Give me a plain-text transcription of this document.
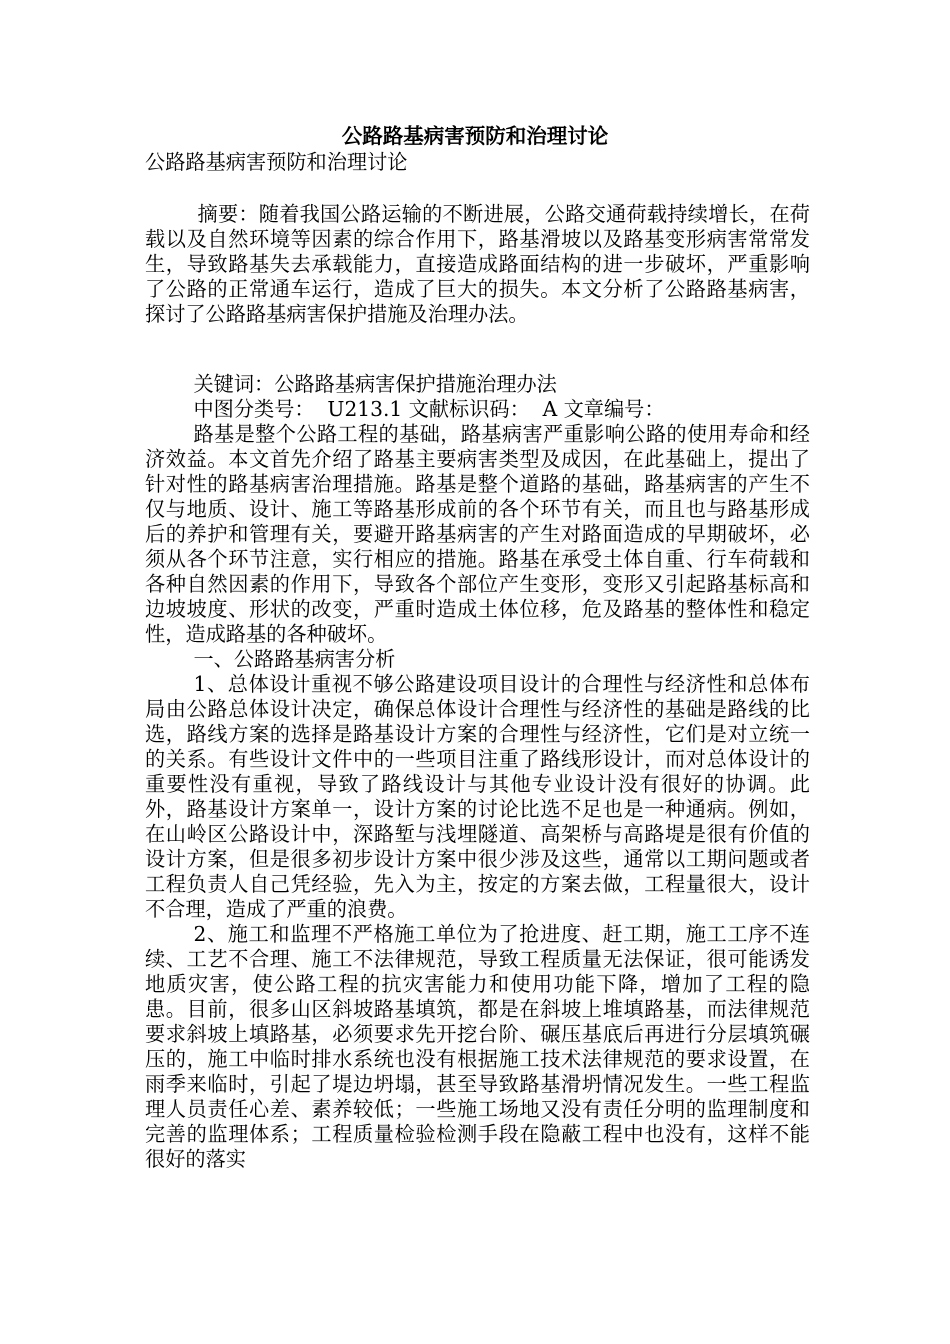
公路路基病害预防和治理讨论
公路路基病害预防和治理讨论

摘要：随着我国公路运输的不断进展，公路交通荷载持续增长，在荷载以及自然环境等因素的综合作用下，路基滑坡以及路基变形病害常常发生，导致路基失去承载能力，直接造成路面结构的进一步破坏，严重影响了公路的正常通车运行，造成了巨大的损失。本文分析了公路路基病害，探讨了公路路基病害保护措施及治理办法。

关键词：公路路基病害保护措施治理办法

中图分类号：  U213.1 文献标识码：  A 文章编号：

路基是整个公路工程的基础，路基病害严重影响公路的使用寿命和经济效益。本文首先介绍了路基主要病害类型及成因，在此基础上，提出了针对性的路基病害治理措施。路基是整个道路的基础，路基病害的产生不仅与地质、设计、施工等路基形成前的各个环节有关，而且也与路基形成后的养护和管理有关，要避开路基病害的产生对路面造成的早期破坏，必须从各个环节注意，实行相应的措施。路基在承受土体自重、行车荷载和各种自然因素的作用下，导致各个部位产生变形，变形又引起路基标高和边坡坡度、形状的改变，严重时造成土体位移，危及路基的整体性和稳定性，造成路基的各种破坏。

一、公路路基病害分析

1、总体设计重视不够公路建设项目设计的合理性与经济性和总体布局由公路总体设计决定，确保总体设计合理性与经济性的基础是路线的比选，路线方案的选择是路基设计方案的合理性与经济性，它们是对立统一的关系。有些设计文件中的一些项目注重了路线形设计，而对总体设计的重要性没有重视，导致了路线设计与其他专业设计没有很好的协调。此外，路基设计方案单一，设计方案的讨论比选不足也是一种通病。例如，在山岭区公路设计中，深路堑与浅埋隧道、高架桥与高路堤是很有价值的设计方案，但是很多初步设计方案中很少涉及这些，通常以工期问题或者工程负责人自己凭经验，先入为主，按定的方案去做，工程量很大，设计不合理，造成了严重的浪费。

2、施工和监理不严格施工单位为了抢进度、赶工期，施工工序不连续、工艺不合理、施工不法律规范，导致工程质量无法保证，很可能诱发地质灾害，使公路工程的抗灾害能力和使用功能下降，增加了工程的隐患。目前，很多山区斜坡路基填筑，都是在斜坡上堆填路基，而法律规范要求斜坡上填路基，必须要求先开挖台阶、碾压基底后再进行分层填筑碾压的，施工中临时排水系统也没有根据施工技术法律规范的要求设置，在雨季来临时，引起了堤边坍塌，甚至导致路基滑坍情况发生。一些工程监理人员责任心差、素养较低；一些施工场地又没有责任分明的监理制度和完善的监理体系；工程质量检验检测手段在隐蔽工程中也没有，这样不能很好的落实
